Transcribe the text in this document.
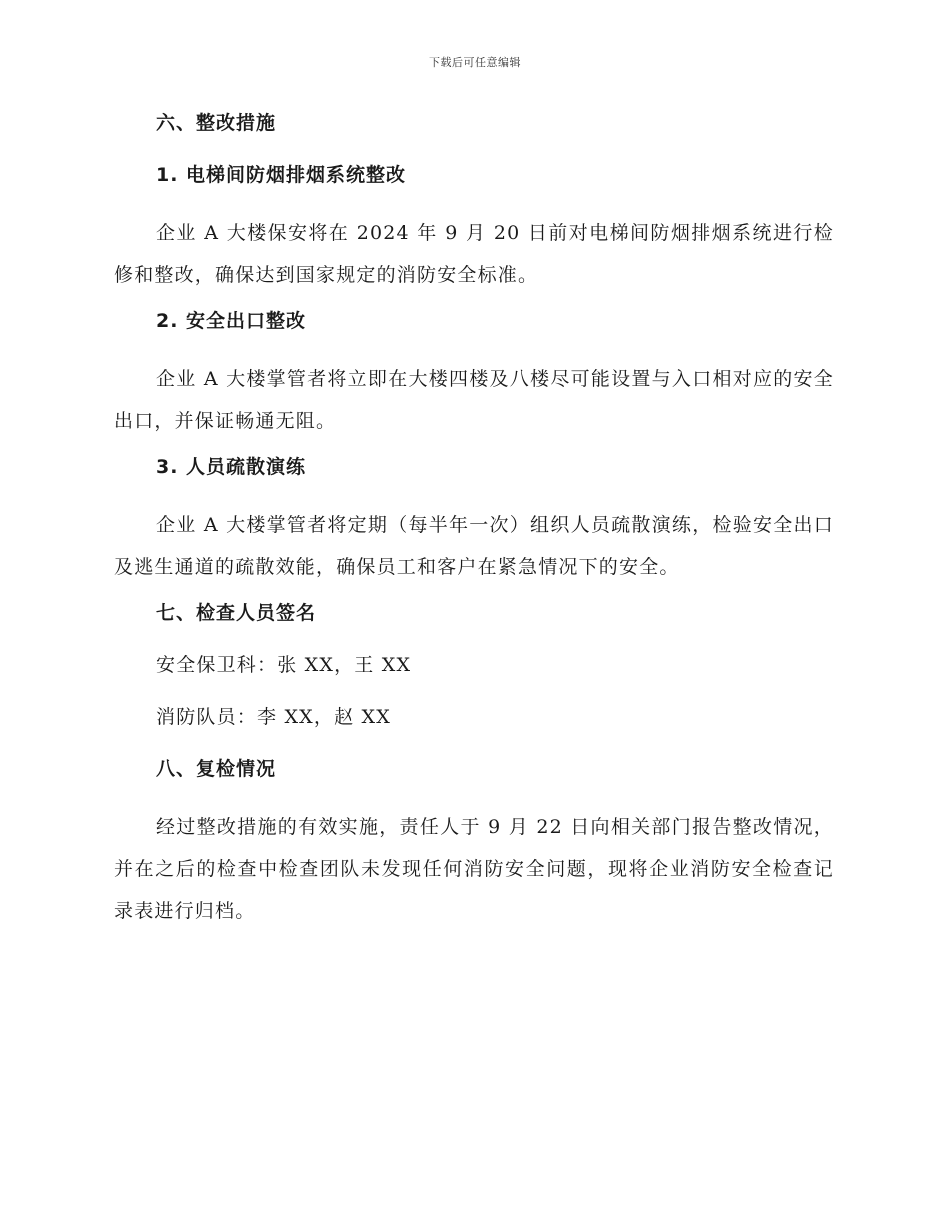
下载后可任意编辑
六、整改措施
1. 电梯间防烟排烟系统整改
企业 A 大楼保安将在 2024 年 9 月 20 日前对电梯间防烟排烟系统进行检修和整改，确保达到国家规定的消防安全标准。
2. 安全出口整改
企业 A 大楼掌管者将立即在大楼四楼及八楼尽可能设置与入口相对应的安全出口，并保证畅通无阻。
3. 人员疏散演练
企业 A 大楼掌管者将定期（每半年一次）组织人员疏散演练，检验安全出口及逃生通道的疏散效能，确保员工和客户在紧急情况下的安全。
七、检查人员签名
安全保卫科：张 XX，王 XX
消防队员：李 XX，赵 XX
八、复检情况
经过整改措施的有效实施，责任人于 9 月 22 日向相关部门报告整改情况，并在之后的检查中检查团队未发现任何消防安全问题，现将企业消防安全检查记录表进行归档。
